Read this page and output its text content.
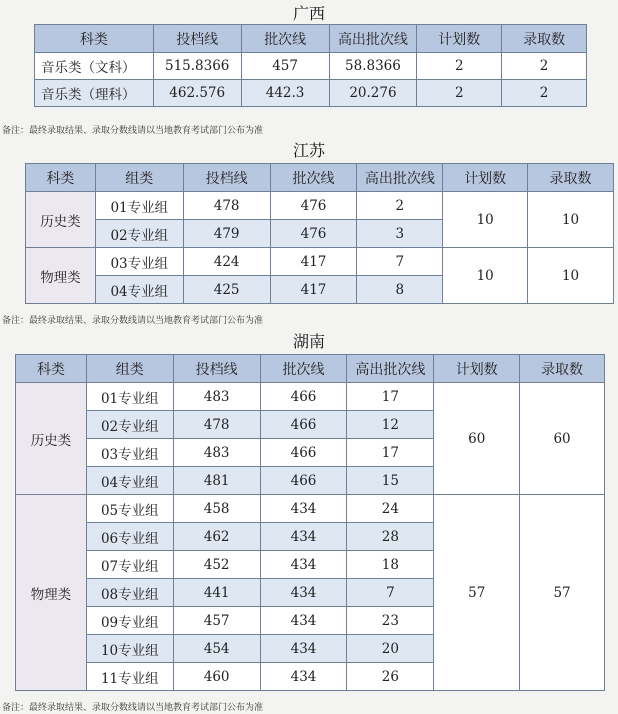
广西
科类	投档线	批次线	高出批次线	计划数	录取数
音乐类（文科）	515.8366	457	58.8366	2	2
音乐类（理科）	462.576	442.3	20.276	2	2
备注：最终录取结果、录取分数线请以当地教育考试部门公布为准
江苏
科类	组类	投档线	批次线	高出批次线	计划数	录取数
历史类	01专业组	478	476	2	10	10
	02专业组	479	476	3		
物理类	03专业组	424	417	7	10	10
	04专业组	425	417	8		
备注：最终录取结果、录取分数线请以当地教育考试部门公布为准
湖南
科类	组类	投档线	批次线	高出批次线	计划数	录取数
历史类	01专业组	483	466	17	60	60
	02专业组	478	466	12		
	03专业组	483	466	17		
	04专业组	481	466	15		
物理类	05专业组	458	434	24	57	57
	06专业组	462	434	28		
	07专业组	452	434	18		
	08专业组	441	434	7		
	09专业组	457	434	23		
	10专业组	454	434	20		
	11专业组	460	434	26		
备注：最终录取结果、录取分数线请以当地教育考试部门公布为准
